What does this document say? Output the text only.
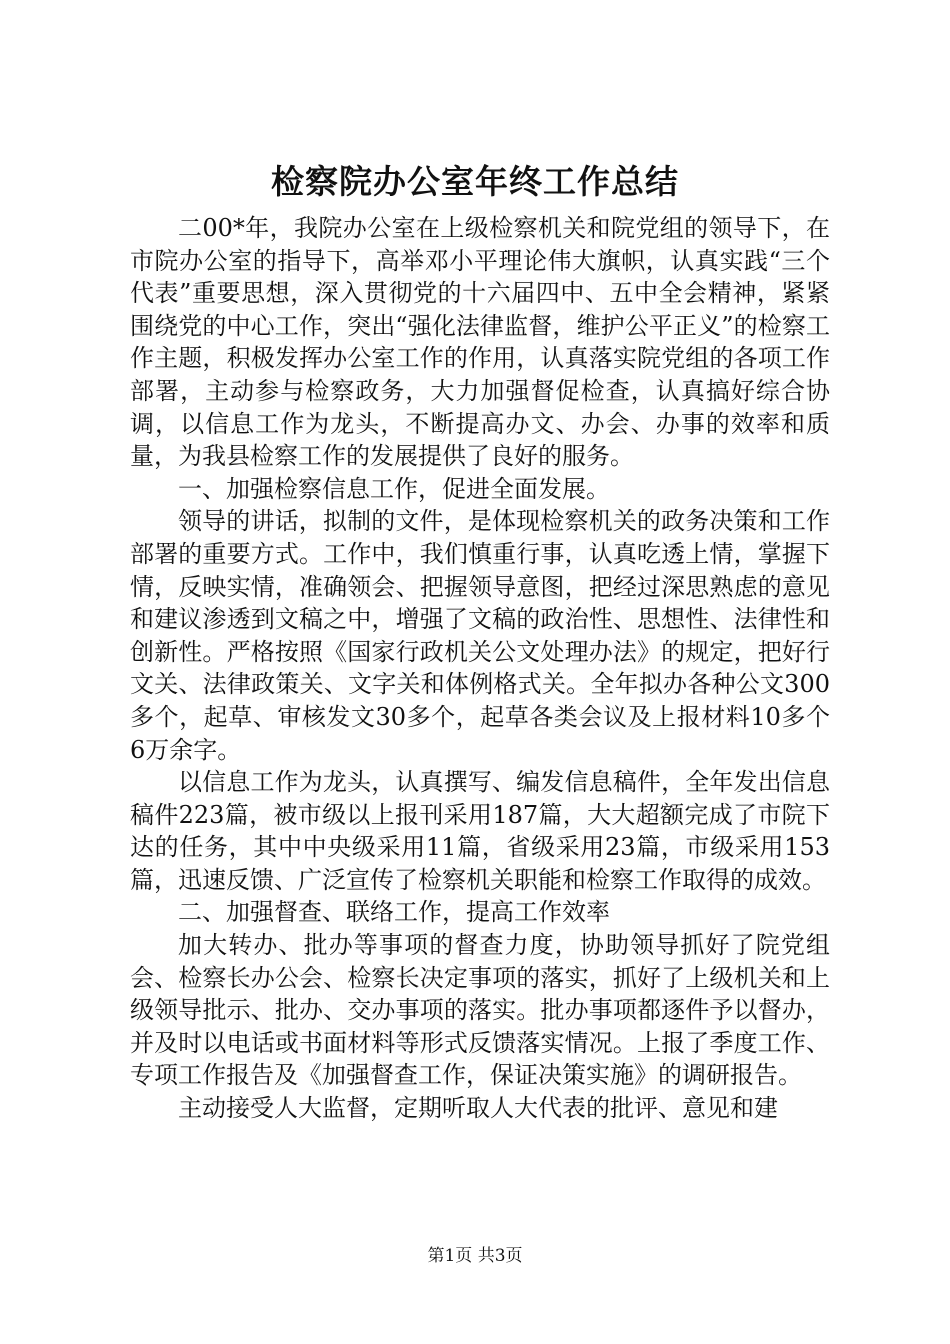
检察院办公室年终工作总结

二00*年，我院办公室在上级检察机关和院党组的领导下，在市院办公室的指导下，高举邓小平理论伟大旗帜，认真实践“三个代表”重要思想，深入贯彻党的十六届四中、五中全会精神，紧紧围绕党的中心工作，突出“强化法律监督，维护公平正义”的检察工作主题，积极发挥办公室工作的作用，认真落实院党组的各项工作部署，主动参与检察政务，大力加强督促检查，认真搞好综合协调，以信息工作为龙头，不断提高办文、办会、办事的效率和质量，为我县检察工作的发展提供了良好的服务。

一、加强检察信息工作，促进全面发展。

领导的讲话，拟制的文件，是体现检察机关的政务决策和工作部署的重要方式。工作中，我们慎重行事，认真吃透上情，掌握下情，反映实情，准确领会、把握领导意图，把经过深思熟虑的意见和建议渗透到文稿之中，增强了文稿的政治性、思想性、法律性和创新性。严格按照《国家行政机关公文处理办法》的规定，把好行文关、法律政策关、文字关和体例格式关。全年拟办各种公文300多个，起草、审核发文30多个，起草各类会议及上报材料10多个6万余字。

以信息工作为龙头，认真撰写、编发信息稿件，全年发出信息稿件223篇，被市级以上报刊采用187篇，大大超额完成了市院下达的任务，其中中央级采用11篇，省级采用23篇，市级采用153篇，迅速反馈、广泛宣传了检察机关职能和检察工作取得的成效。

二、加强督查、联络工作，提高工作效率

加大转办、批办等事项的督查力度，协助领导抓好了院党组会、检察长办公会、检察长决定事项的落实，抓好了上级机关和上级领导批示、批办、交办事项的落实。批办事项都逐件予以督办，并及时以电话或书面材料等形式反馈落实情况。上报了季度工作、专项工作报告及《加强督查工作，保证决策实施》的调研报告。

主动接受人大监督，定期听取人大代表的批评、意见和建

第1页 共3页
